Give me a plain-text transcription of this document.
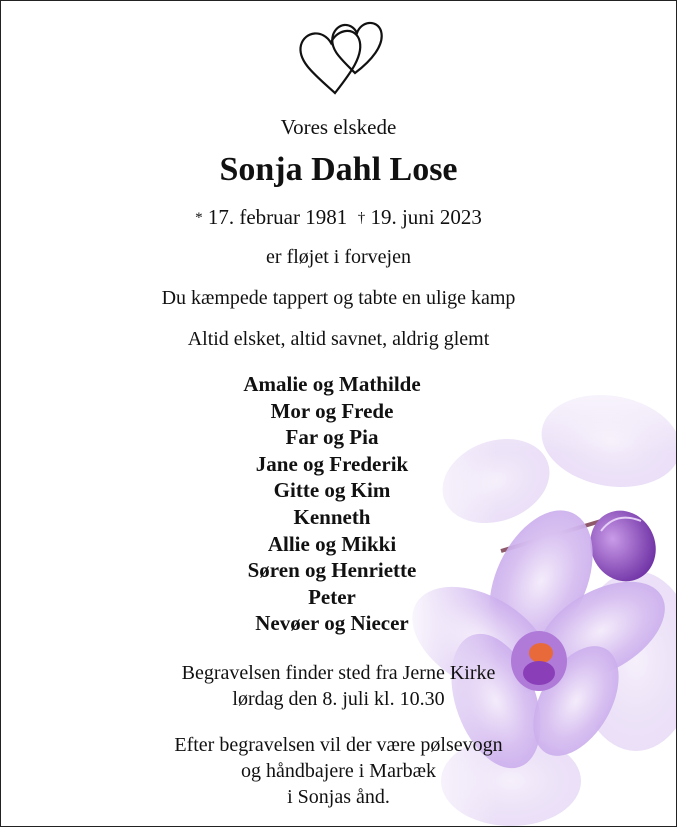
Vores elskede
Sonja Dahl Lose
* 17. februar 1981 † 19. juni 2023
er fløjet i forvejen
Du kæmpede tappert og tabte en ulige kamp
Altid elsket, altid savnet, aldrig glemt
Amalie og Mathilde
Mor og Frede
Far og Pia
Jane og Frederik
Gitte og Kim
Kenneth
Allie og Mikki
Søren og Henriette
Peter
Nevøer og Niecer
Begravelsen finder sted fra Jerne Kirke
lørdag den 8. juli kl. 10.30
Efter begravelsen vil der være pølsevogn
og håndbajere i Marbæk
i Sonjas ånd.
